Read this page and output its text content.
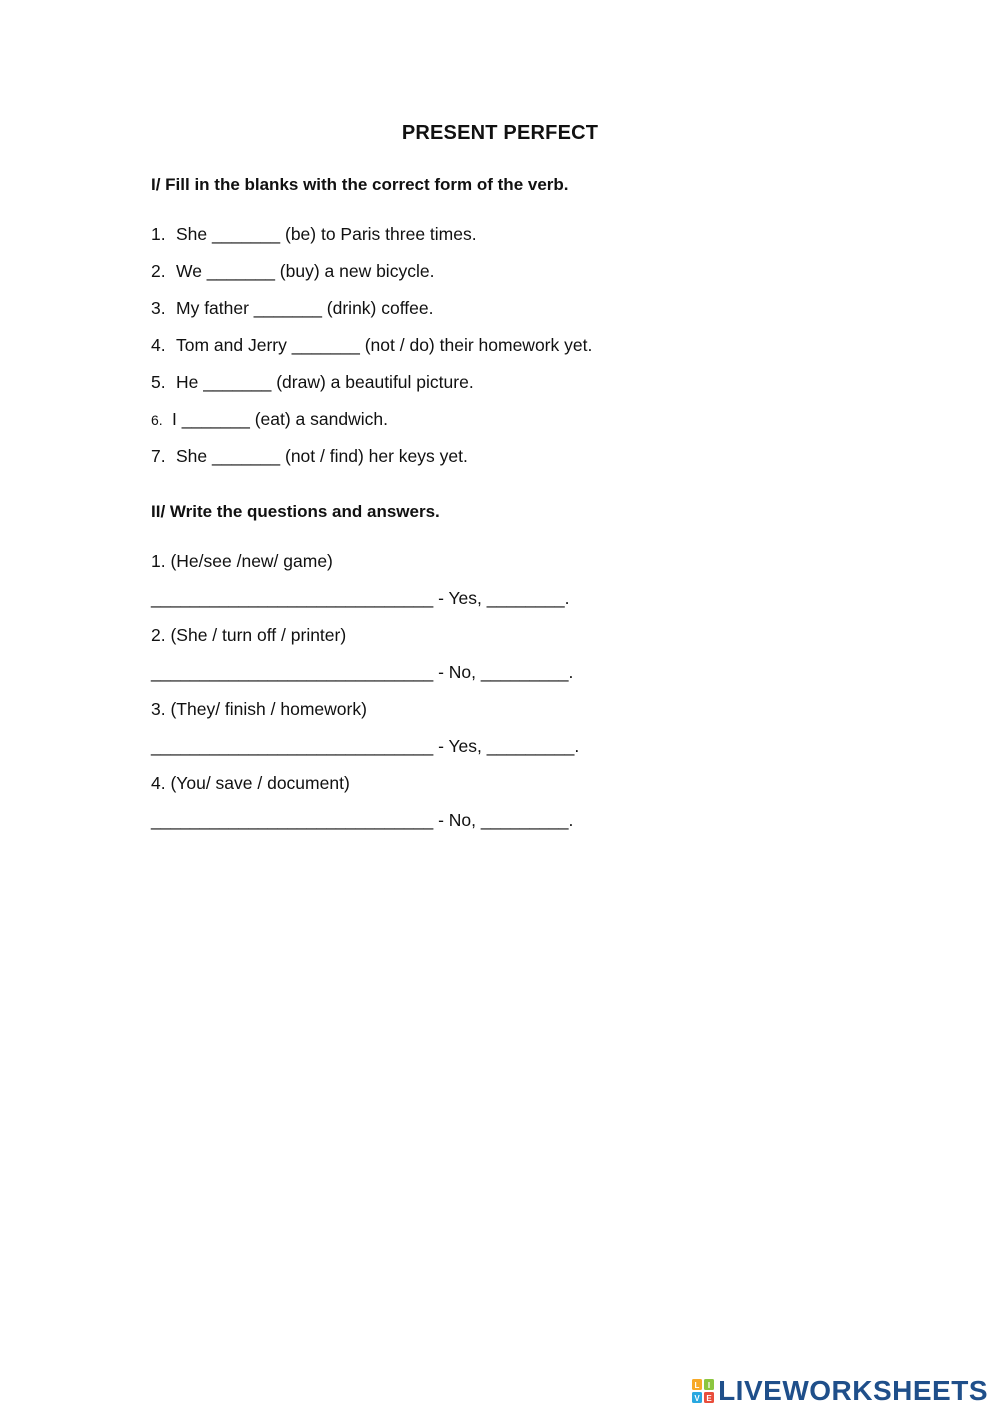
PRESENT PERFECT
I/ Fill in the blanks with the correct form of the verb.
1. She _______ (be) to Paris three times.
2. We _______ (buy) a new bicycle.
3. My father _______ (drink) coffee.
4. Tom and Jerry _______ (not / do) their homework yet.
5. He _______ (draw) a beautiful picture.
6. I _______ (eat) a sandwich.
7. She _______ (not / find) her keys yet.
II/ Write the questions and answers.
1. (He/see /new/ game)
_____________________________ - Yes, ________.
2. (She / turn off / printer)
_____________________________ - No, _________.
3. (They/ finish / homework)
_____________________________ - Yes, _________.
4. (You/ save / document)
_____________________________ - No, _________.
L I
V E LIVEWORKSHEETS
